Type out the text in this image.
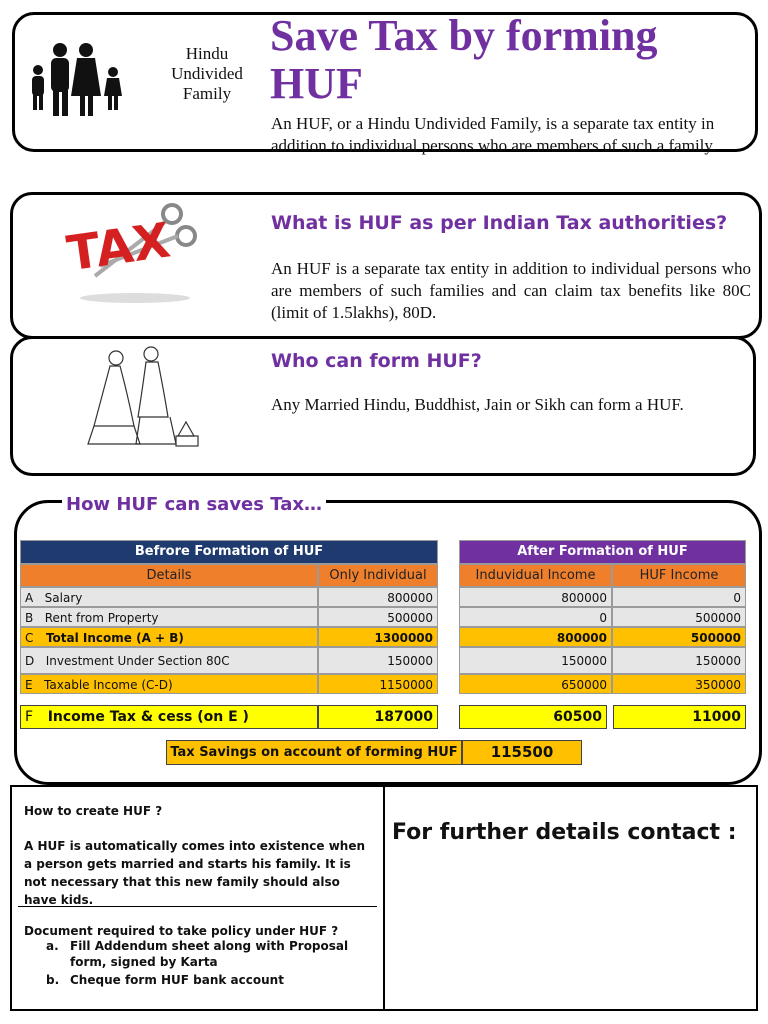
Hindu
Undivided
Family
Save Tax by forming HUF
An HUF, or a Hindu Undivided Family, is a separate tax entity in addition to individual persons who are members of such a family.
TAX	What is HUF as per Indian Tax authorities?
An HUF is a separate tax entity in addition to individual persons who are members of such families and can claim tax benefits like 80C (limit of 1.5lakhs), 80D.
Who can form HUF?
Any Married Hindu, Buddhist, Jain or Sikh can form a HUF.
How HUF can saves Tax…
Befrore Formation of HUF	After Formation of HUF
Details	Only Individual	Induvidual Income	HUF Income
A Salary	800000	800000	0
B Rent from Property	500000	0	500000
C Total Income (A + B)	1300000	800000	500000
D Investment Under Section 80C	150000	150000	150000
E Taxable Income (C-D)	1150000	650000	350000
F Income Tax & cess (on E )	187000	60500	11000
Tax Savings on account of forming HUF	115500
How to create HUF ?
A HUF is automatically comes into existence when a person gets married and starts his family. It is not necessary that this new family should also have kids.
Document required to take policy under HUF ?
a. Fill Addendum sheet along with Proposal form, signed by Karta
b. Cheque form HUF bank account
For further details contact :
